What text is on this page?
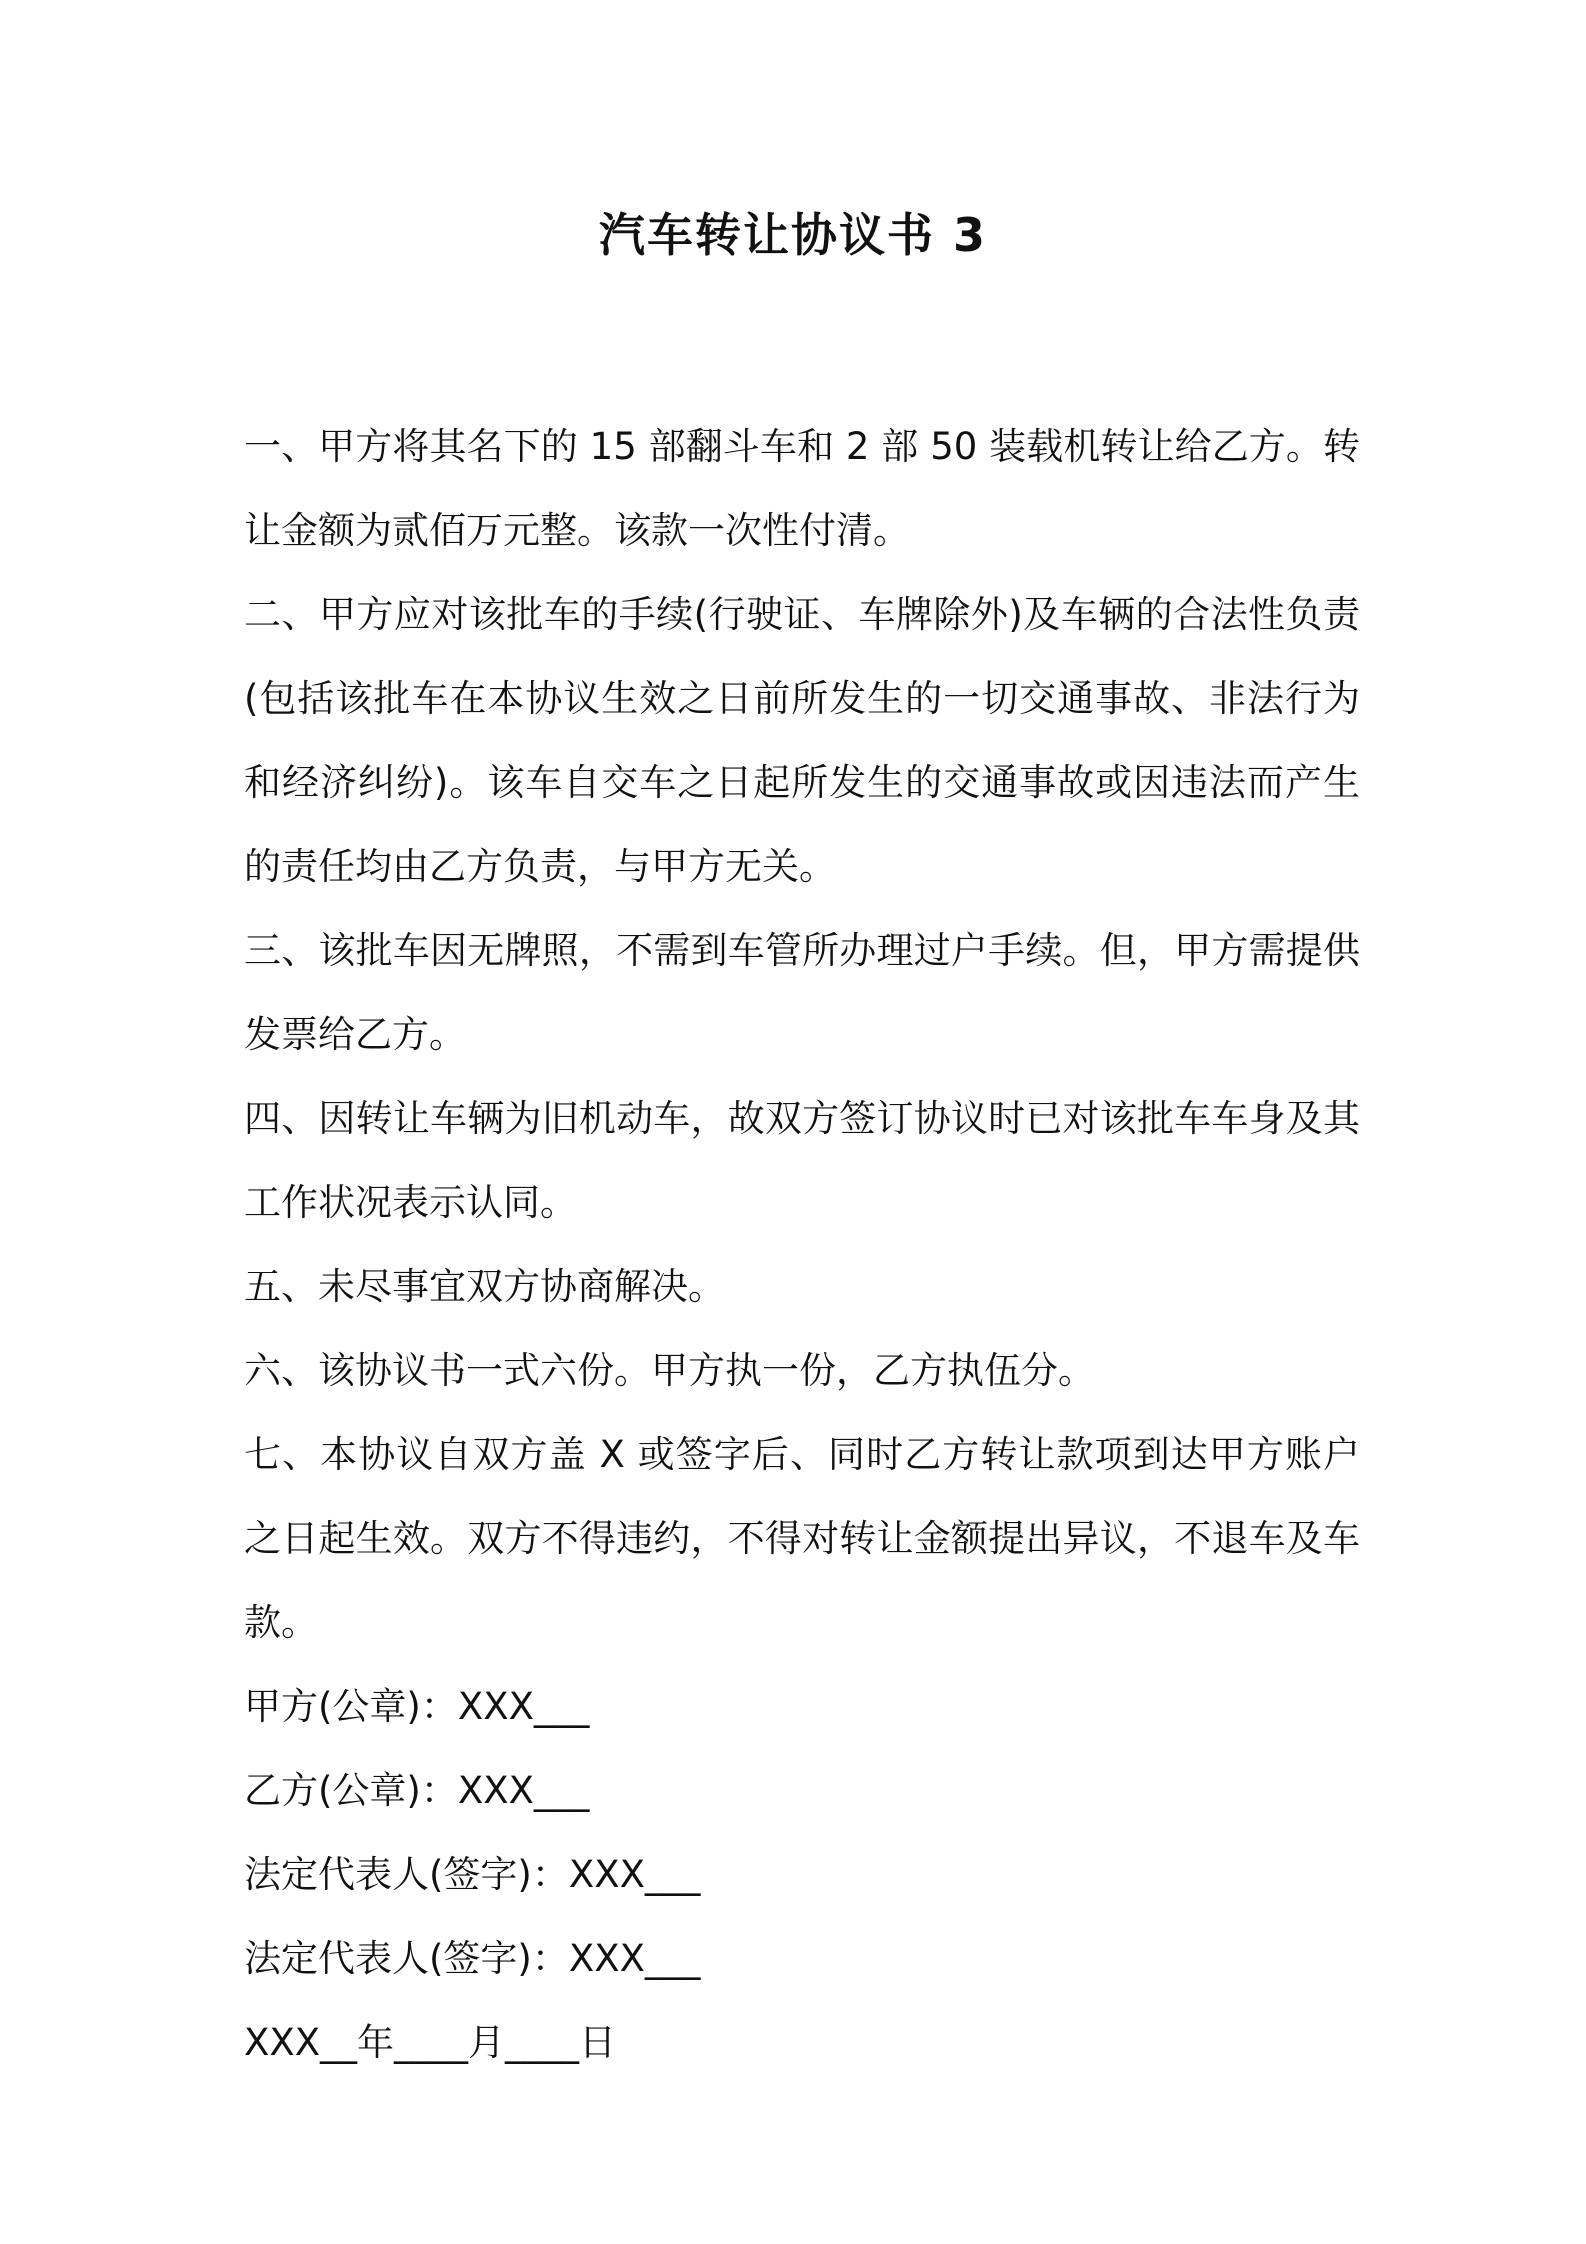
汽车转让协议书 3

一、甲方将其名下的 15 部翻斗车和 2 部 50 装载机转让给乙方。转让金额为贰佰万元整。该款一次性付清。

二、甲方应对该批车的手续(行驶证、车牌除外)及车辆的合法性负责(包括该批车在本协议生效之日前所发生的一切交通事故、非法行为和经济纠纷)。该车自交车之日起所发生的交通事故或因违法而产生的责任均由乙方负责，与甲方无关。

三、该批车因无牌照，不需到车管所办理过户手续。但，甲方需提供发票给乙方。

四、因转让车辆为旧机动车，故双方签订协议时已对该批车车身及其工作状况表示认同。

五、未尽事宜双方协商解决。

六、该协议书一式六份。甲方执一份，乙方执伍分。

七、本协议自双方盖 X 或签字后、同时乙方转让款项到达甲方账户之日起生效。双方不得违约，不得对转让金额提出异议，不退车及车款。

甲方(公章)：XXX___

乙方(公章)：XXX___

法定代表人(签字)：XXX___

法定代表人(签字)：XXX___

XXX__年____月____日
